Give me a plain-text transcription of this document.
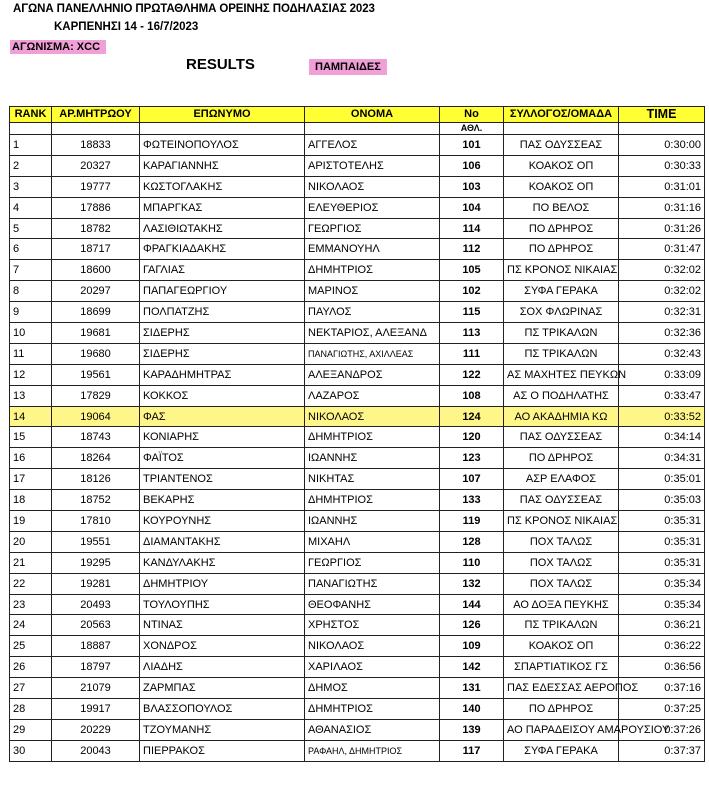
ΑΓΩΝΑ ΠΑΝΕΛΛΗΝΙΟ ΠΡΩΤΑΘΛΗΜΑ ΟΡΕΙΝΗΣ ΠΟΔΗΛΑΣΙΑΣ 2023
ΚΑΡΠΕΝΗΣΙ 14 - 16/7/2023
ΑΓΩΝΙΣΜΑ: XCC
RESULTS	ΠΑΜΠΑΙΔΕΣ
RANK	ΑΡ.ΜΗΤΡΩΟΥ	ΕΠΩΝΥΜΟ	ΟΝΟΜΑ	No	ΣΥΛΛΟΓΟΣ/ΟΜΑΔΑ	TIME
				ΑΘΛ.		
1	18833	ΦΩΤΕΙΝΟΠΟΥΛΟΣ	ΑΓΓΕΛΟΣ	101	ΠΑΣ ΟΔΥΣΣΕΑΣ	0:30:00
2	20327	ΚΑΡΑΓΙΑΝΝΗΣ	ΑΡΙΣΤΟΤΕΛΗΣ	106	ΚΟΑΚΟΣ ΟΠ	0:30:33
3	19777	ΚΩΣΤΟΓΛΑΚΗΣ	ΝΙΚΟΛΑΟΣ	103	ΚΟΑΚΟΣ ΟΠ	0:31:01
4	17886	ΜΠΑΡΓΚΑΣ	ΕΛΕΥΘΕΡΙΟΣ	104	ΠΟ ΒΕΛΟΣ	0:31:16
5	18782	ΛΑΣΙΘΙΩΤΑΚΗΣ	ΓΕΩΡΓΙΟΣ	114	ΠΟ ΔΡΗΡΟΣ	0:31:26
6	18717	ΦΡΑΓΚΙΑΔΑΚΗΣ	ΕΜΜΑΝΟΥΗΛ	112	ΠΟ ΔΡΗΡΟΣ	0:31:47
7	18600	ΓΑΓΛΙΑΣ	ΔΗΜΗΤΡΙΟΣ	105	ΠΣ ΚΡΟΝΟΣ ΝΙΚΑΙΑΣ	0:32:02
8	20297	ΠΑΠΑΓΕΩΡΓΙΟΥ	ΜΑΡΙΝΟΣ	102	ΣΥΦΑ ΓΕΡΑΚΑ	0:32:02
9	18699	ΠΟΛΠΑΤΖΗΣ	ΠΑΥΛΟΣ	115	ΣΟΧ ΦΛΩΡΙΝΑΣ	0:32:31
10	19681	ΣΙΔΕΡΗΣ	ΝΕΚΤΑΡΙΟΣ, ΑΛΕΞΑΝΔ	113	ΠΣ ΤΡΙΚΑΛΩΝ	0:32:36
11	19680	ΣΙΔΕΡΗΣ	ΠΑΝΑΓΙΩΤΗΣ, ΑΧΙΛΛΕΑΣ	111	ΠΣ ΤΡΙΚΑΛΩΝ	0:32:43
12	19561	ΚΑΡΑΔΗΜΗΤΡΑΣ	ΑΛΕΞΑΝΔΡΟΣ	122	ΑΣ ΜΑΧΗΤΕΣ ΠΕΥΚΩΝ	0:33:09
13	17829	ΚΟΚΚΟΣ	ΛΑΖΑΡΟΣ	108	ΑΣ Ο ΠΟΔΗΛΑΤΗΣ	0:33:47
14	19064	ΦΑΣ	ΝΙΚΟΛΑΟΣ	124	ΑΟ ΑΚΑΔΗΜΙΑ ΚΩ	0:33:52
15	18743	ΚΟΝΙΑΡΗΣ	ΔΗΜΗΤΡΙΟΣ	120	ΠΑΣ ΟΔΥΣΣΕΑΣ	0:34:14
16	18264	ΦΑΪΤΟΣ	ΙΩΑΝΝΗΣ	123	ΠΟ ΔΡΗΡΟΣ	0:34:31
17	18126	ΤΡΙΑΝΤΕΝΟΣ	ΝΙΚΗΤΑΣ	107	ΑΣΡ ΕΛΑΦΟΣ	0:35:01
18	18752	ΒΕΚΑΡΗΣ	ΔΗΜΗΤΡΙΟΣ	133	ΠΑΣ ΟΔΥΣΣΕΑΣ	0:35:03
19	17810	ΚΟΥΡΟΥΝΗΣ	ΙΩΑΝΝΗΣ	119	ΠΣ ΚΡΟΝΟΣ ΝΙΚΑΙΑΣ	0:35:31
20	19551	ΔΙΑΜΑΝΤΑΚΗΣ	ΜΙΧΑΗΛ	128	ΠΟΧ ΤΑΛΩΣ	0:35:31
21	19295	ΚΑΝΔΥΛΑΚΗΣ	ΓΕΩΡΓΙΟΣ	110	ΠΟΧ ΤΑΛΩΣ	0:35:31
22	19281	ΔΗΜΗΤΡΙΟΥ	ΠΑΝΑΓΙΩΤΗΣ	132	ΠΟΧ ΤΑΛΩΣ	0:35:34
23	20493	ΤΟΥΛΟΥΠΗΣ	ΘΕΟΦΑΝΗΣ	144	ΑΟ ΔΟΞΑ ΠΕΥΚΗΣ	0:35:34
24	20563	ΝΤΙΝΑΣ	ΧΡΗΣΤΟΣ	126	ΠΣ ΤΡΙΚΑΛΩΝ	0:36:21
25	18887	ΧΟΝΔΡΟΣ	ΝΙΚΟΛΑΟΣ	109	ΚΟΑΚΟΣ ΟΠ	0:36:22
26	18797	ΛΙΑΔΗΣ	ΧΑΡΙΛΑΟΣ	142	ΣΠΑΡΤΙΑΤΙΚΟΣ ΓΣ	0:36:56
27	21079	ΖΑΡΜΠΑΣ	ΔΗΜΟΣ	131	ΠΑΣ ΕΔΕΣΣΑΣ ΑΕΡΟΠΟΣ	0:37:16
28	19917	ΒΛΑΣΣΟΠΟΥΛΟΣ	ΔΗΜΗΤΡΙΟΣ	140	ΠΟ ΔΡΗΡΟΣ	0:37:25
29	20229	ΤΖΟΥΜΑΝΗΣ	ΑΘΑΝΑΣΙΟΣ	139	ΑΟ ΠΑΡΑΔΕΙΣΟΥ ΑΜΑΡΟΥΣΙΟΥ	0:37:26
30	20043	ΠΙΕΡΡΑΚΟΣ	ΡΑΦΑΗΛ, ΔΗΜΗΤΡΙΟΣ	117	ΣΥΦΑ ΓΕΡΑΚΑ	0:37:37
